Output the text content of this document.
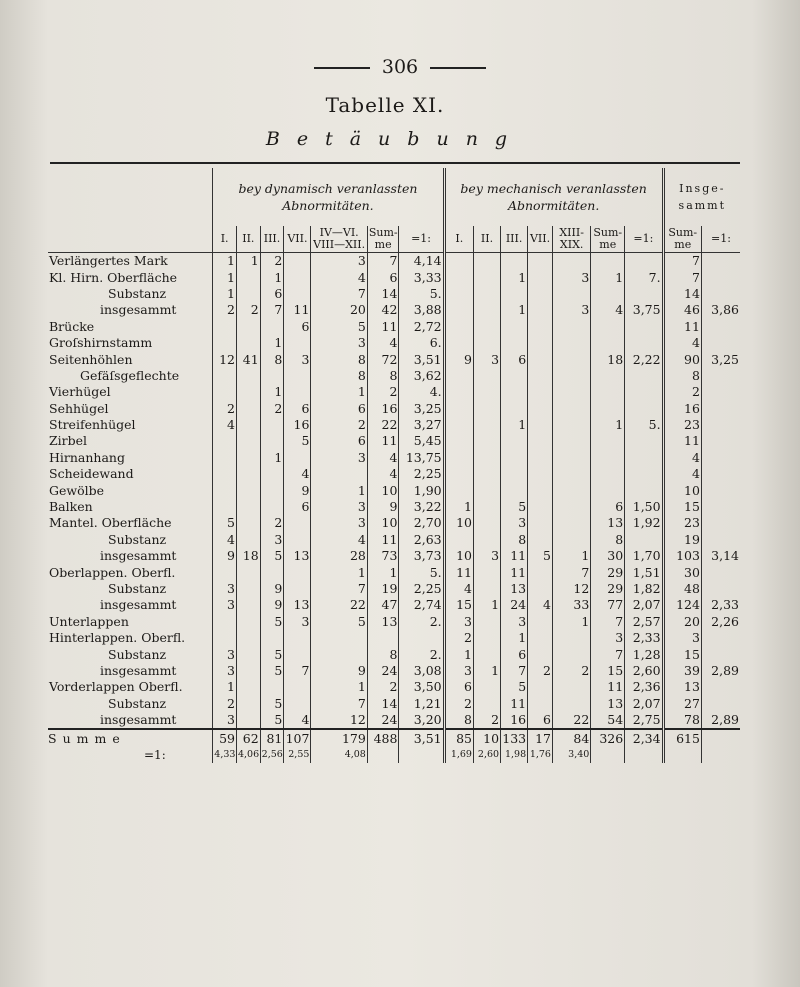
306
Tabelle XI.
Betäubung
	bey dynamisch veranlassten Abnormitäten.							bey mechanisch veranlassten Abnormitäten.							Insge-sammt	
	I.	II.	III.	VII.	IV—VI. VIII—XII.	Sum-me	=1:	I.	II.	III.	VII.	XIII-XIX.	Sum-me	=1:	Sum-me	=1:
Verlängertes Mark	1	1	2		3	7	4,14								7	
Kl. Hirn. Oberfläche	1		1		4	6	3,33			1		3	1	7.	7	
Substanz	1		6		7	14	5.								14	
insgesammt	2	2	7	11	20	42	3,88			1		3	4	3,75	46	3,86
Brücke				6	5	11	2,72								11	
Groſshirnstamm			1		3	4	6.								4	
Seitenhöhlen	12	41	8	3	8	72	3,51	9	3	6			18	2,22	90	3,25
Gefäſsgeflechte					8	8	3,62								8	
Vierhügel			1		1	2	4.								2	
Sehhügel	2		2	6	6	16	3,25								16	
Streifenhügel	4			16	2	22	3,27			1			1	5.	23	
Zirbel				5	6	11	5,45								11	
Hirnanhang			1		3	4	13,75								4	
Scheidewand				4		4	2,25								4	
Gewölbe				9	1	10	1,90								10	
Balken				6	3	9	3,22	1		5			6	1,50	15	
Mantel. Oberfläche	5		2		3	10	2,70	10		3			13	1,92	23	
Substanz	4		3		4	11	2,63			8			8		19	
insgesammt	9	18	5	13	28	73	3,73	10	3	11	5	1	30	1,70	103	3,14
Oberlappen. Oberfl.					1	1	5.	11		11		7	29	1,51	30	
Substanz	3		9		7	19	2,25	4		13		12	29	1,82	48	
insgesammt	3		9	13	22	47	2,74	15	1	24	4	33	77	2,07	124	2,33
Unterlappen			5	3	5	13	2.	3		3		1	7	2,57	20	2,26
Hinterlappen. Oberfl.								2		1			3	2,33	3	
Substanz	3		5			8	2.	1		6			7	1,28	15	
insgesammt	3		5	7	9	24	3,08	3	1	7	2	2	15	2,60	39	2,89
Vorderlappen Oberfl.	1				1	2	3,50	6		5			11	2,36	13	
Substanz	2		5		7	14	1,21	2		11			13	2,07	27	
insgesammt	3		5	4	12	24	3,20	8	2	16	6	22	54	2,75	78	2,89
Summe	59	62	81	107	179	488	3,51	85	10	133	17	84	326	2,34	615	
=1:	4,33	4,06	2,56	2,55	4,08			1,69	2,60	1,98	1,76	3,40				
